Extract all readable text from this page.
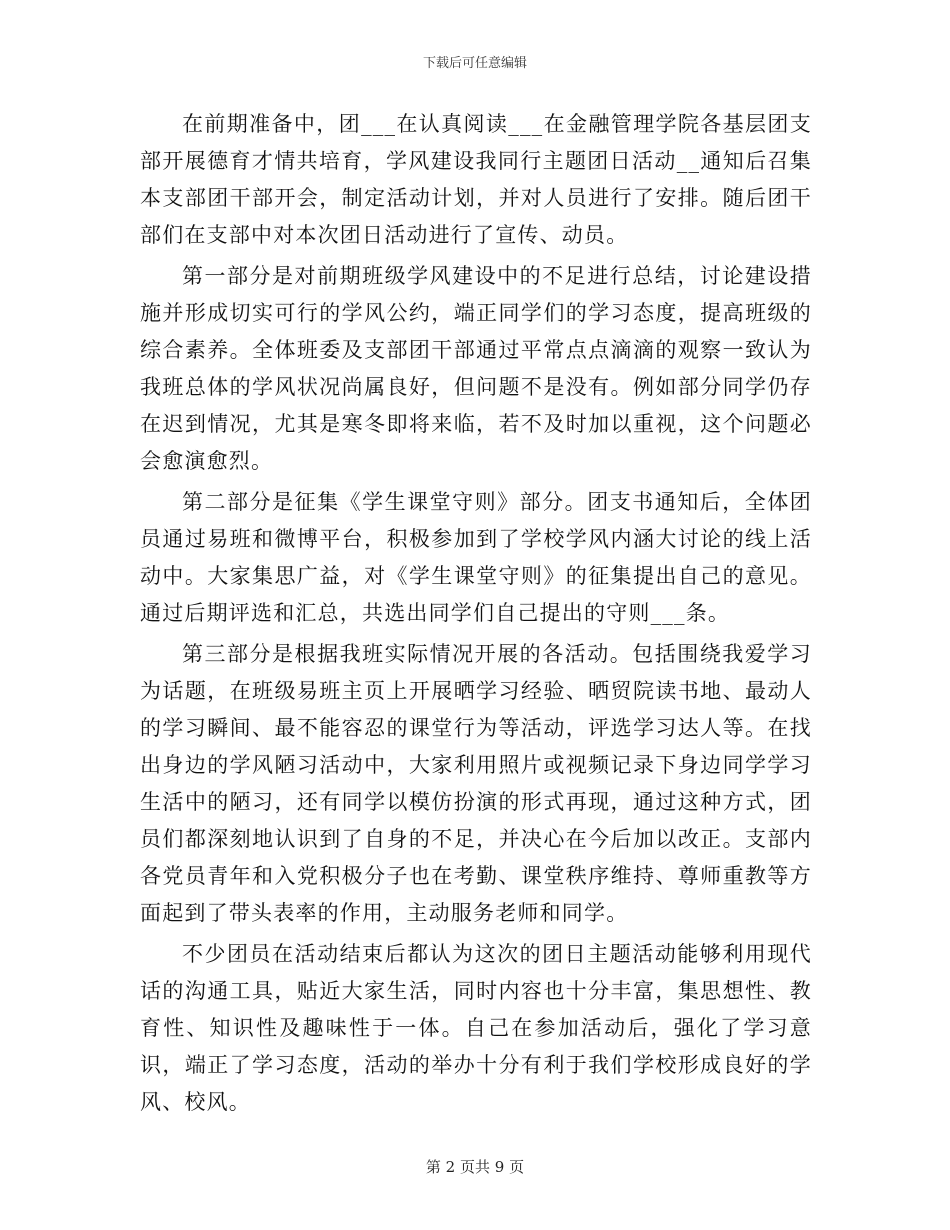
下载后可任意编辑

在前期准备中，团___在认真阅读___在金融管理学院各基层团支部开展德育才情共培育，学风建设我同行主题团日活动__通知后召集本支部团干部开会，制定活动计划，并对人员进行了安排。随后团干部们在支部中对本次团日活动进行了宣传、动员。

第一部分是对前期班级学风建设中的不足进行总结，讨论建设措施并形成切实可行的学风公约，端正同学们的学习态度，提高班级的综合素养。全体班委及支部团干部通过平常点点滴滴的观察一致认为我班总体的学风状况尚属良好，但问题不是没有。例如部分同学仍存在迟到情况，尤其是寒冬即将来临，若不及时加以重视，这个问题必会愈演愈烈。

第二部分是征集《学生课堂守则》部分。团支书通知后，全体团员通过易班和微博平台，积极参加到了学校学风内涵大讨论的线上活动中。大家集思广益，对《学生课堂守则》的征集提出自己的意见。通过后期评选和汇总，共选出同学们自己提出的守则___条。

第三部分是根据我班实际情况开展的各活动。包括围绕我爱学习为话题，在班级易班主页上开展晒学习经验、晒贸院读书地、最动人的学习瞬间、最不能容忍的课堂行为等活动，评选学习达人等。在找出身边的学风陋习活动中，大家利用照片或视频记录下身边同学学习生活中的陋习，还有同学以模仿扮演的形式再现，通过这种方式，团员们都深刻地认识到了自身的不足，并决心在今后加以改正。支部内各党员青年和入党积极分子也在考勤、课堂秩序维持、尊师重教等方面起到了带头表率的作用，主动服务老师和同学。

不少团员在活动结束后都认为这次的团日主题活动能够利用现代话的沟通工具，贴近大家生活，同时内容也十分丰富，集思想性、教育性、知识性及趣味性于一体。自己在参加活动后，强化了学习意识，端正了学习态度，活动的举办十分有利于我们学校形成良好的学风、校风。

第 2 页共 9 页
